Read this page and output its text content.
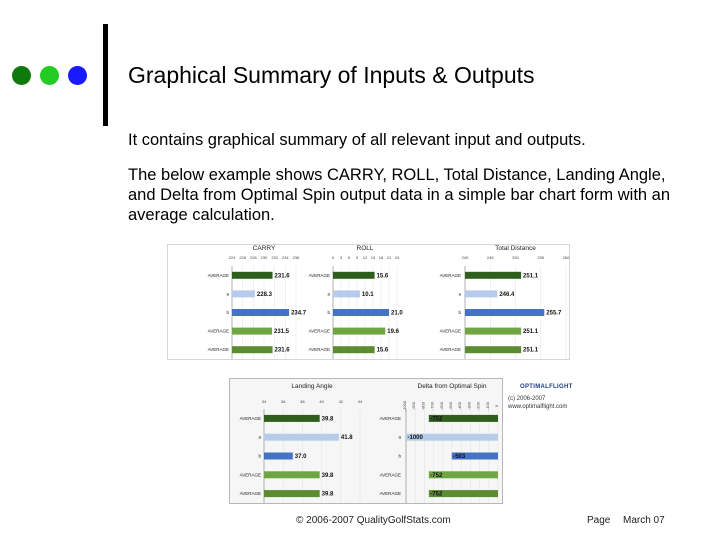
Graphical Summary of Inputs & Outputs
It contains graphical summary of all relevant input and outputs.
The below example shows CARRY, ROLL, Total Distance, Landing Angle, and Delta from Optimal Spin output data in a simple bar chart form with an average calculation.
CARRY
224 226 228 230 232 234 236
231.6
AVERAGE
228.3
a
234.7
b
231.5
AVERAGE
231.6
AVERAGE
ROLL
0 3 6 9 12 15 18 21 24
15.6
AVERAGE
10.1
a
21.0
b
19.6
AVERAGE
15.6
AVERAGE
Total Distance
240	245	250	255	260
251.1
AVERAGE
246.4
a
255.7
b
251.1
AVERAGE
251.1
AVERAGE
Landing Angle
34	36	38	40	42	44
39.8
AVERAGE
41.8
a
37.0
b
39.8
AVERAGE
39.8
AVERAGE
Delta from Optimal Spin
-1000 -900 -800 -700 -600 -500 -400 -300 -200 -100 0
-752
AVERAGE
-1000
a
-503
b
-752
AVERAGE
-752
AVERAGE
OPTIMALFLIGHT
(c) 2006-2007
www.optimalflight.com
© 2006-2007 QualityGolfStats.com	Page March 07
